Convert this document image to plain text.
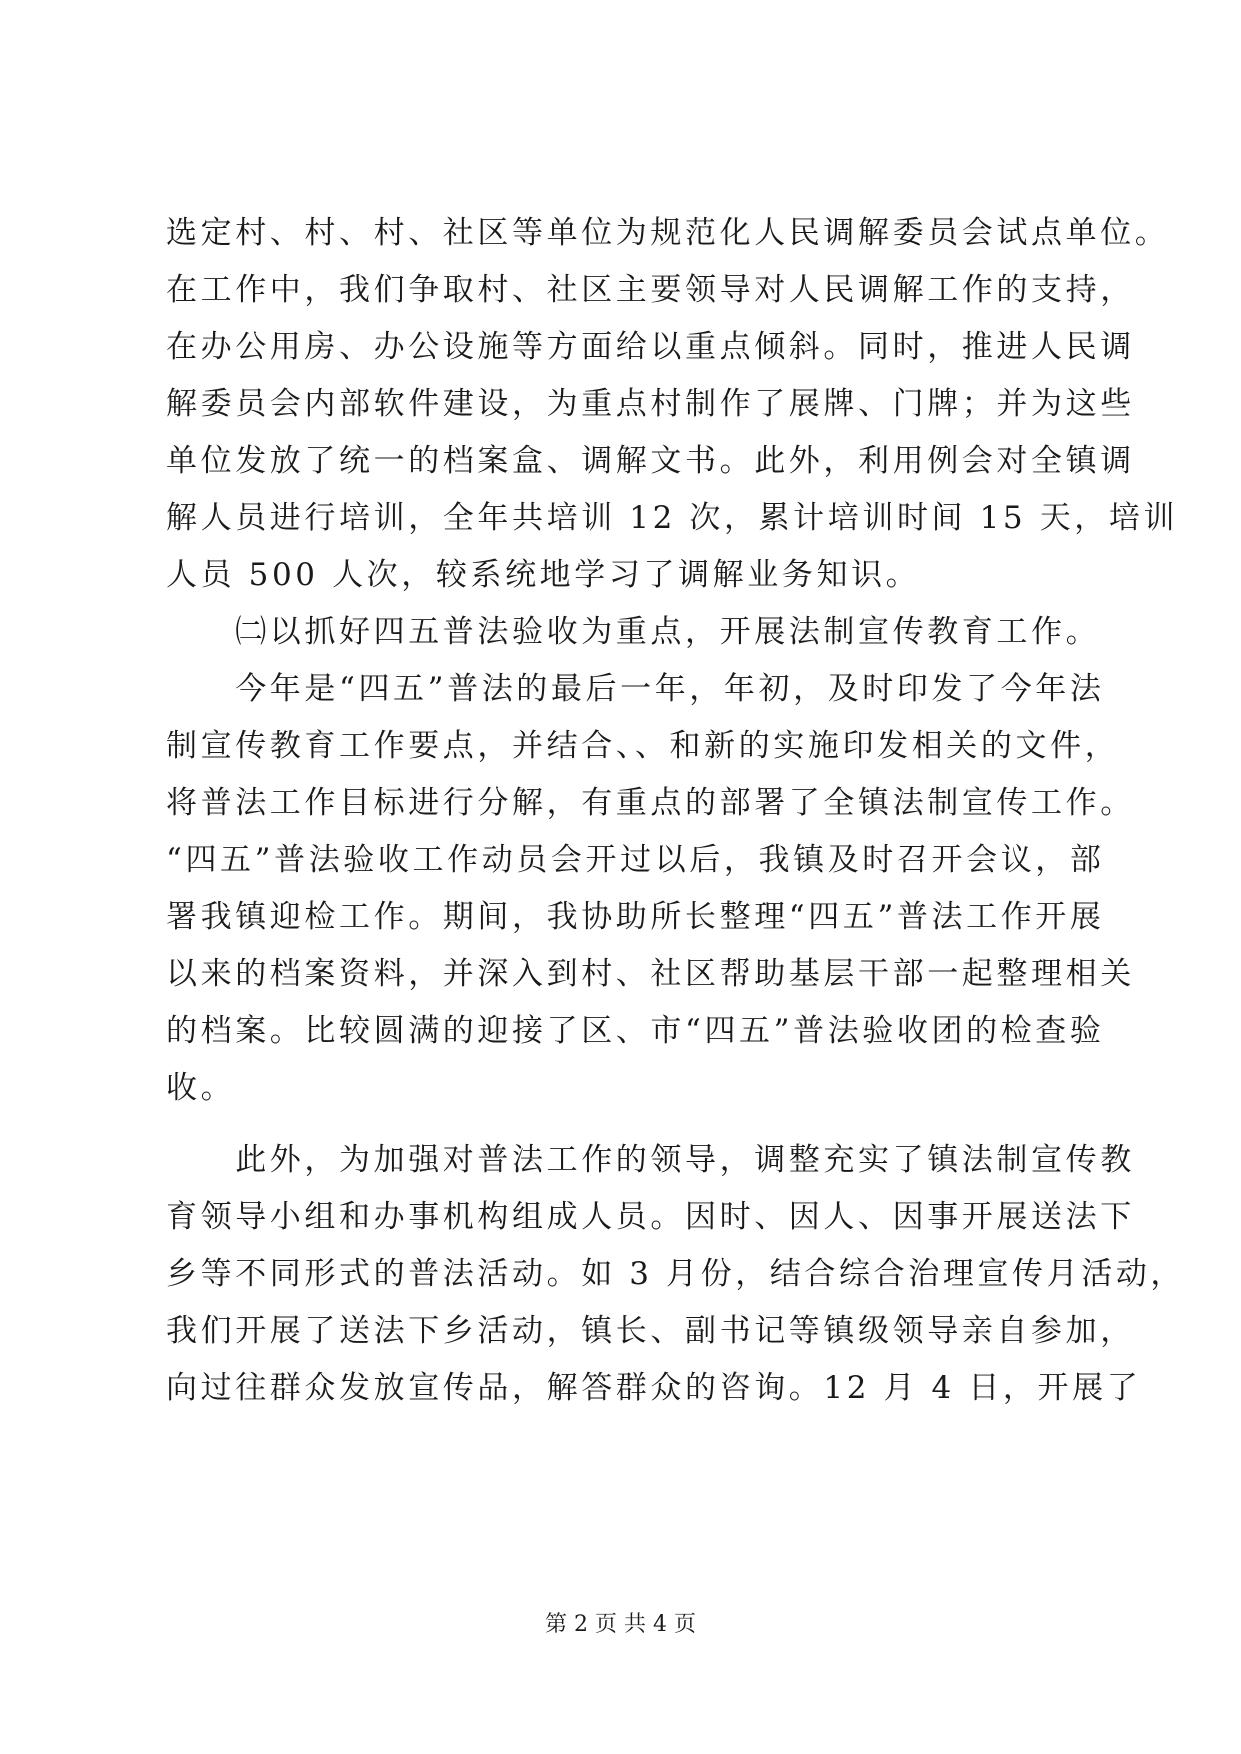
选定村、村、村、社区等单位为规范化人民调解委员会试点单位。
在工作中，我们争取村、社区主要领导对人民调解工作的支持，
在办公用房、办公设施等方面给以重点倾斜。同时，推进人民调
解委员会内部软件建设，为重点村制作了展牌、门牌；并为这些
单位发放了统一的档案盒、调解文书。此外，利用例会对全镇调
解人员进行培训，全年共培训 12 次，累计培训时间 15 天，培训
人员 500 人次，较系统地学习了调解业务知识。
　　㈡以抓好四五普法验收为重点，开展法制宣传教育工作。
　　今年是“四五”普法的最后一年，年初，及时印发了今年法
制宣传教育工作要点，并结合、、和新的实施印发相关的文件，
将普法工作目标进行分解，有重点的部署了全镇法制宣传工作。
“四五”普法验收工作动员会开过以后，我镇及时召开会议，部
署我镇迎检工作。期间，我协助所长整理“四五”普法工作开展
以来的档案资料，并深入到村、社区帮助基层干部一起整理相关
的档案。比较圆满的迎接了区、市“四五”普法验收团的检查验
收。
　　此外，为加强对普法工作的领导，调整充实了镇法制宣传教
育领导小组和办事机构组成人员。因时、因人、因事开展送法下
乡等不同形式的普法活动。如 3 月份，结合综合治理宣传月活动，
我们开展了送法下乡活动，镇长、副书记等镇级领导亲自参加，
向过往群众发放宣传品，解答群众的咨询。12 月 4 日，开展了
第 2 页 共 4 页
